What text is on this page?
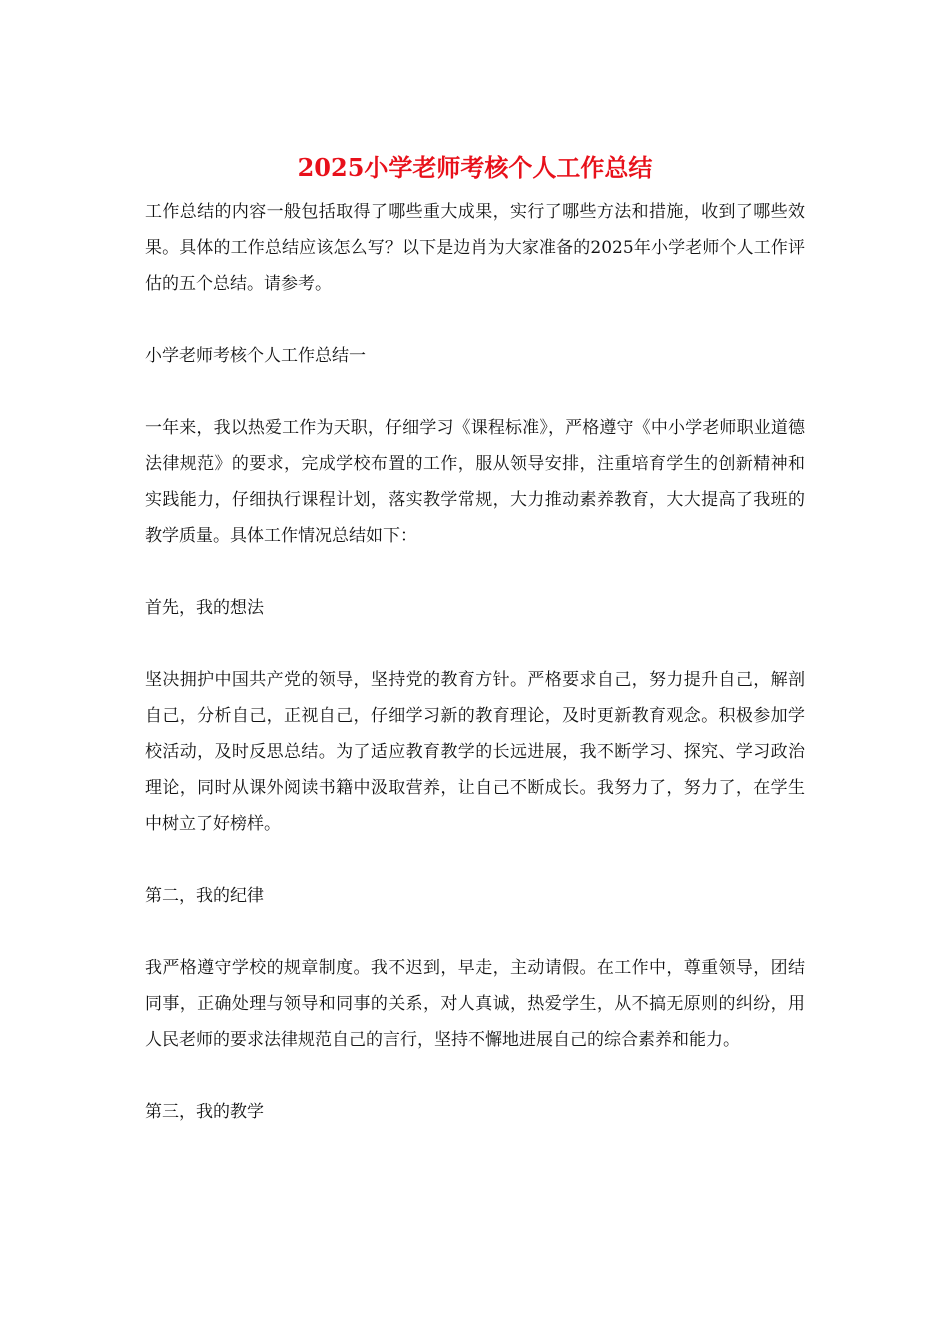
2025小学老师考核个人工作总结

工作总结的内容一般包括取得了哪些重大成果，实行了哪些方法和措施，收到了哪些效果。具体的工作总结应该怎么写？以下是边肖为大家准备的2025年小学老师个人工作评估的五个总结。请参考。

小学老师考核个人工作总结一

一年来，我以热爱工作为天职，仔细学习《课程标准》，严格遵守《中小学老师职业道德法律规范》的要求，完成学校布置的工作，服从领导安排，注重培育学生的创新精神和实践能力，仔细执行课程计划，落实教学常规，大力推动素养教育，大大提高了我班的教学质量。具体工作情况总结如下：

首先，我的想法

坚决拥护中国共产党的领导，坚持党的教育方针。严格要求自己，努力提升自己，解剖自己，分析自己，正视自己，仔细学习新的教育理论，及时更新教育观念。积极参加学校活动，及时反思总结。为了适应教育教学的长远进展，我不断学习、探究、学习政治理论，同时从课外阅读书籍中汲取营养，让自己不断成长。我努力了，努力了，在学生中树立了好榜样。

第二，我的纪律

我严格遵守学校的规章制度。我不迟到，早走，主动请假。在工作中，尊重领导，团结同事，正确处理与领导和同事的关系，对人真诚，热爱学生，从不搞无原则的纠纷，用人民老师的要求法律规范自己的言行，坚持不懈地进展自己的综合素养和能力。

第三，我的教学
